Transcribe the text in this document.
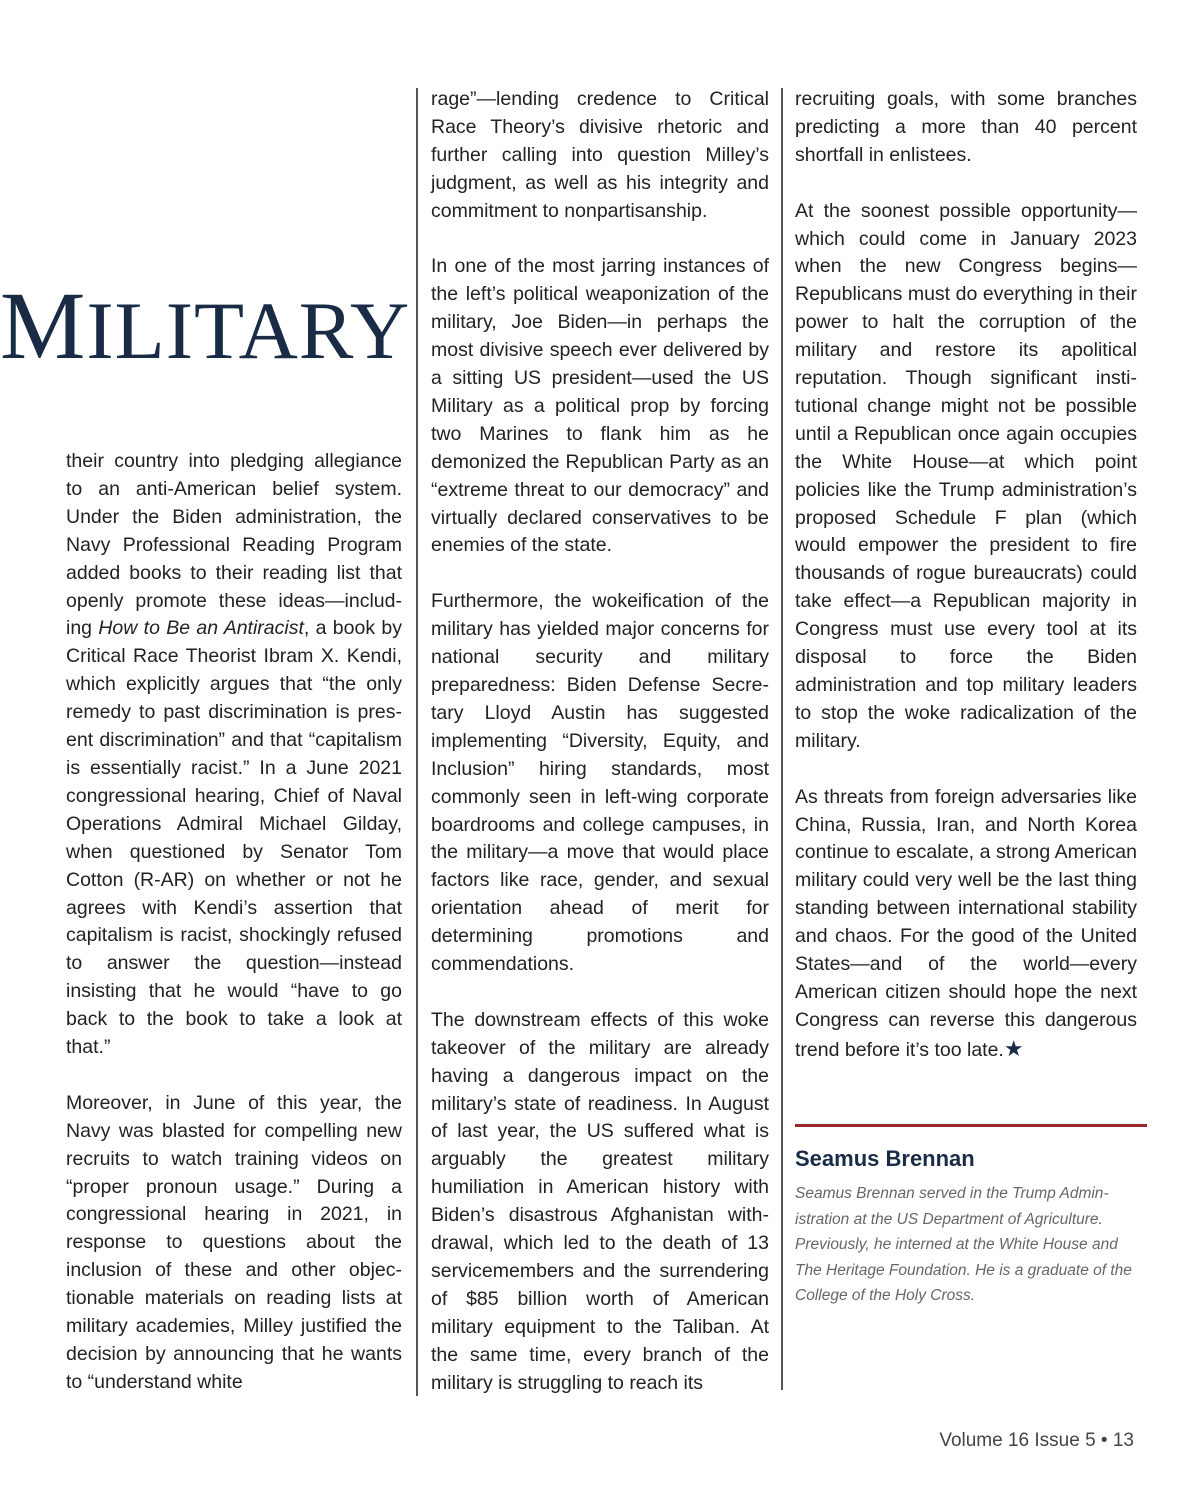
MILITARY

their country into pledging allegiance to an anti-American belief system. Under the Biden administration, the Navy Professional Reading Program added books to their reading list that openly promote these ideas—including How to Be an Antiracist, a book by Critical Race Theorist Ibram X. Kendi, which explicitly argues that “the only remedy to past discrimination is present discrimination” and that “capitalism is essentially racist.” In a June 2021 congressional hearing, Chief of Naval Operations Admiral Michael Gilday, when questioned by Senator Tom Cotton (R-AR) on whether or not he agrees with Kendi’s assertion that capitalism is racist, shockingly refused to answer the question—instead insisting that he would “have to go back to the book to take a look at that.”

Moreover, in June of this year, the Navy was blasted for compelling new recruits to watch training videos on “proper pronoun usage.” During a congressional hearing in 2021, in response to questions about the inclusion of these and other objectionable materials on reading lists at military academies, Milley justified the decision by announcing that he wants to “understand white

rage”—lending credence to Critical Race Theory’s divisive rhetoric and further calling into question Milley’s judgment, as well as his integrity and commitment to nonpartisanship.

In one of the most jarring instances of the left’s political weaponization of the military, Joe Biden—in perhaps the most divisive speech ever delivered by a sitting US president—used the US Military as a political prop by forcing two Marines to flank him as he demonized the Republican Party as an “extreme threat to our democracy” and virtually declared conservatives to be enemies of the state.

Furthermore, the wokeification of the military has yielded major concerns for national security and military preparedness: Biden Defense Secretary Lloyd Austin has suggested implementing “Diversity, Equity, and Inclusion” hiring standards, most commonly seen in left-wing corporate boardrooms and college campuses, in the military—a move that would place factors like race, gender, and sexual orientation ahead of merit for determining promotions and commendations.

The downstream effects of this woke takeover of the military are already having a dangerous impact on the military’s state of readiness. In August of last year, the US suffered what is arguably the greatest military humiliation in American history with Biden’s disastrous Afghanistan withdrawal, which led to the death of 13 servicemembers and the surrendering of $85 billion worth of American military equipment to the Taliban. At the same time, every branch of the military is struggling to reach its

recruiting goals, with some branches predicting a more than 40 percent shortfall in enlistees.

At the soonest possible opportunity—which could come in January 2023 when the new Congress begins—Republicans must do everything in their power to halt the corruption of the military and restore its apolitical reputation. Though significant institutional change might not be possible until a Republican once again occupies the White House—at which point policies like the Trump administration’s proposed Schedule F plan (which would empower the president to fire thousands of rogue bureaucrats) could take effect—a Republican majority in Congress must use every tool at its disposal to force the Biden administration and top military leaders to stop the woke radicalization of the military.

As threats from foreign adversaries like China, Russia, Iran, and North Korea continue to escalate, a strong American military could very well be the last thing standing between international stability and chaos. For the good of the United States—and of the world—every American citizen should hope the next Congress can reverse this dangerous trend before it’s too late.★

Seamus Brennan

Seamus Brennan served in the Trump Administration at the US Department of Agriculture. Previously, he interned at the White House and The Heritage Foundation. He is a graduate of the College of the Holy Cross.

Volume 16 Issue 5 • 13
